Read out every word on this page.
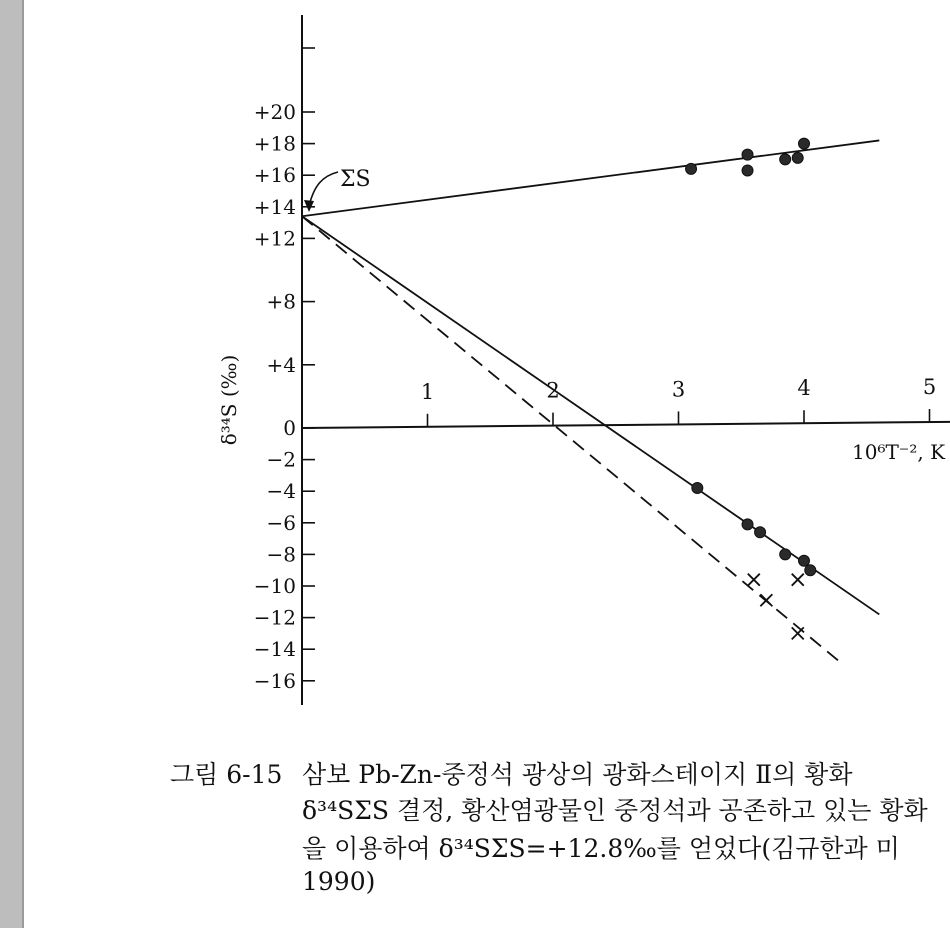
+20
+18
+16
+14
+12
+8
+4
0
−2
−4
−6
−8
−10
−12
−14
−16
1	2	3	4	5
δ³⁴S (‰)
10⁶T⁻², K
ΣS
그림 6-15 삼보 Pb-Zn-중정석 광상의 광화스테이지 Ⅱ의 황화
δ³⁴SΣS 결정, 황산염광물인 중정석과 공존하고 있는 황화
을 이용하여 δ³⁴SΣS=+12.8‰를 얻었다(김규한과 미
1990)
